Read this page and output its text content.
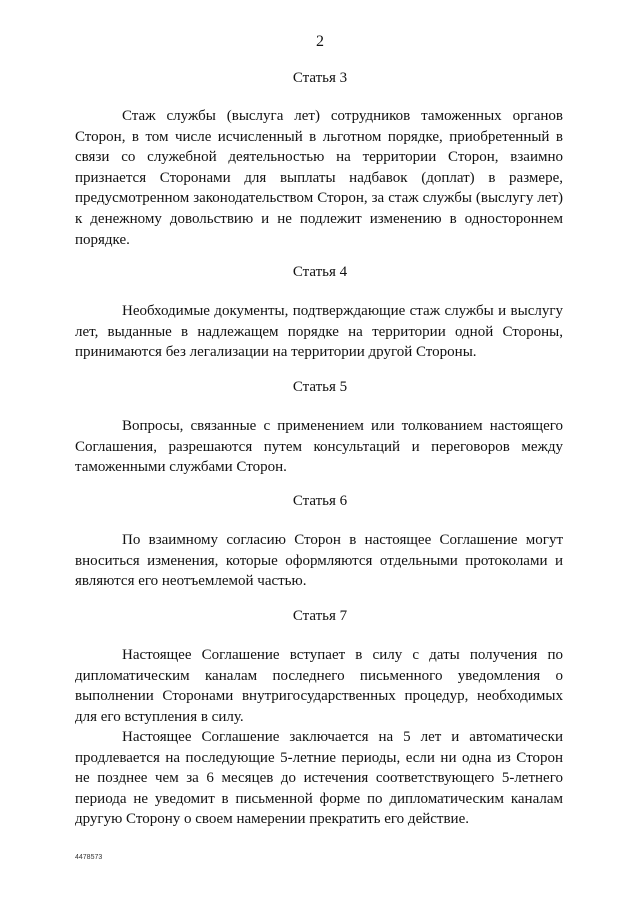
2
Статья 3
Стаж службы (выслуга лет) сотрудников таможенных органов Сторон, в том числе исчисленный в льготном порядке, приобретенный в связи со служебной деятельностью на территории Сторон, взаимно признается Сторонами для выплаты надбавок (доплат) в размере, предусмотренном законодательством Сторон, за стаж службы (выслугу лет) к денежному довольствию и не подлежит изменению в одностороннем порядке.
Статья 4
Необходимые документы, подтверждающие стаж службы и выслугу лет, выданные в надлежащем порядке на территории одной Стороны, принимаются без легализации на территории другой Стороны.
Статья 5
Вопросы, связанные с применением или толкованием настоящего Соглашения, разрешаются путем консультаций и переговоров между таможенными службами Сторон.
Статья 6
По взаимному согласию Сторон в настоящее Соглашение могут вноситься изменения, которые оформляются отдельными протоколами и являются его неотъемлемой частью.
Статья 7
Настоящее Соглашение вступает в силу с даты получения по дипломатическим каналам последнего письменного уведомления о выполнении Сторонами внутригосударственных процедур, необходимых для его вступления в силу.
Настоящее Соглашение заключается на 5 лет и автоматически продлевается на последующие 5-летние периоды, если ни одна из Сторон не позднее чем за 6 месяцев до истечения соответствующего 5-летнего периода не уведомит в письменной форме по дипломатическим каналам другую Сторону о своем намерении прекратить его действие.
4478573
